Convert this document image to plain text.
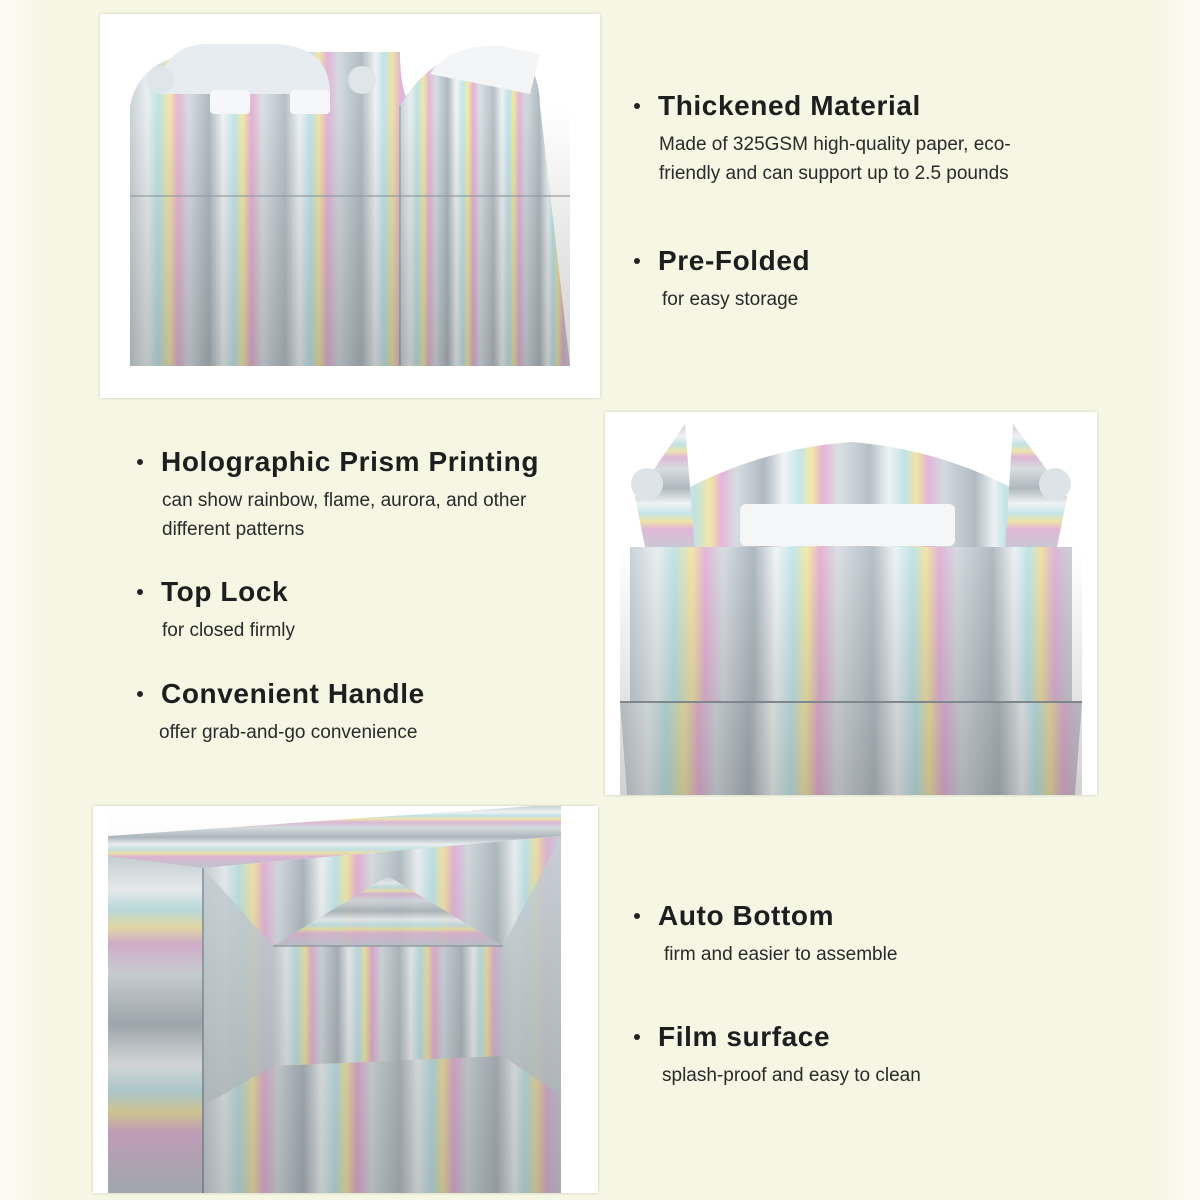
Thickened Material
Made of 325GSM high-quality paper, eco-
friendly and can support up to 2.5 pounds
Pre-Folded
for easy storage
Holographic Prism Printing
can show rainbow, flame, aurora, and other
different patterns
Top Lock
for closed firmly
Convenient Handle
offer grab-and-go convenience
Auto Bottom
firm and easier to assemble
Film surface
splash-proof and easy to clean
